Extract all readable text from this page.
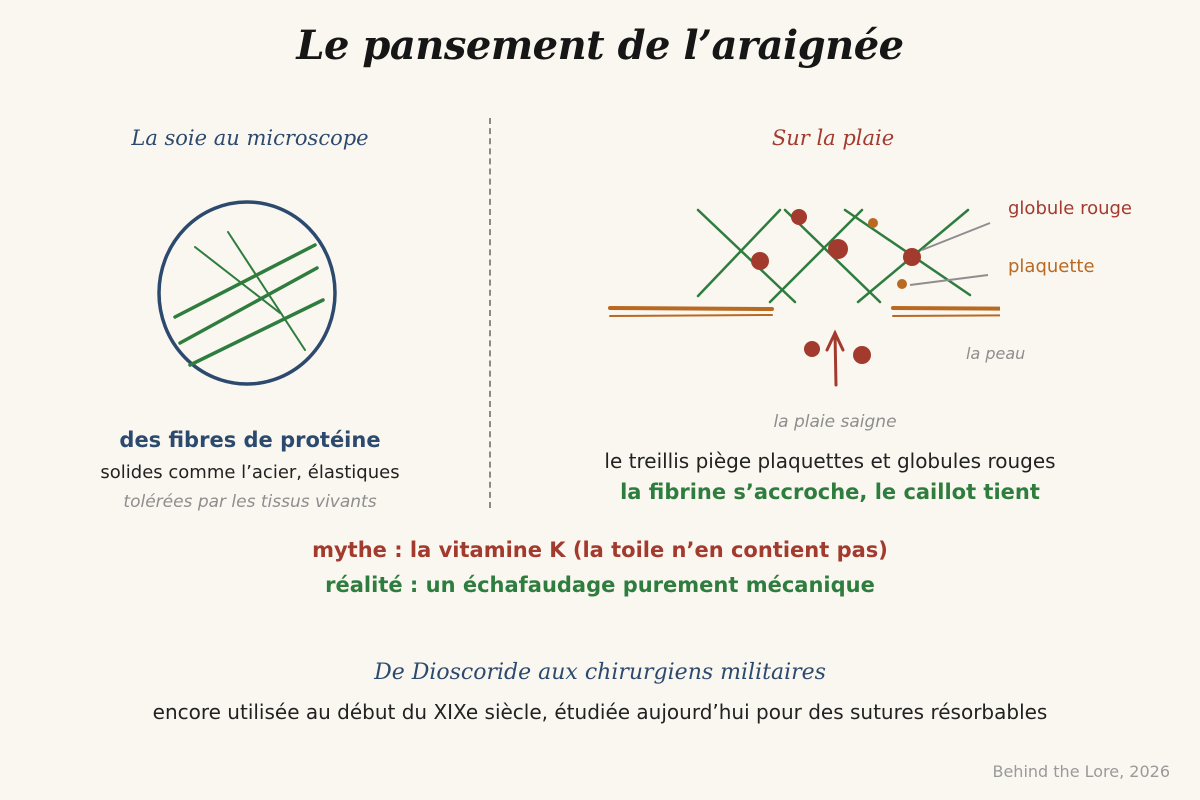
Le pansement de l’araignée
La soie au microscope
des fibres de protéine
solides comme l’acier, élastiques
tolérées par les tissus vivants
Sur la plaie
globule rouge
plaquette
la peau
la plaie saigne
le treillis piège plaquettes et globules rouges
la fibrine s’accroche, le caillot tient
mythe : la vitamine K (la toile n’en contient pas)
réalité : un échafaudage purement mécanique
De Dioscoride aux chirurgiens militaires
encore utilisée au début du XIXe siècle, étudiée aujourd’hui pour des sutures résorbables
Behind the Lore, 2026
